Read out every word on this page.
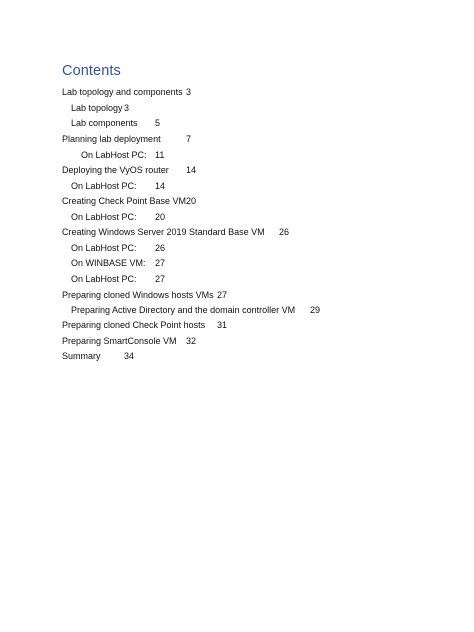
Contents
Lab topology and components 3
Lab topology 3
Lab components 5
Planning lab deployment	7
On LabHost PC: 11
Deploying the VyOS router 14
On LabHost PC: 14
Creating Check Point Base VM 20
On LabHost PC: 20
Creating Windows Server 2019 Standard Base VM 26
On LabHost PC: 26
On WINBASE VM: 27
On LabHost PC: 27
Preparing cloned Windows hosts VMs 27
Preparing Active Directory and the domain controller VM 29
Preparing cloned Check Point hosts 31
Preparing SmartConsole VM 32
Summary	34
